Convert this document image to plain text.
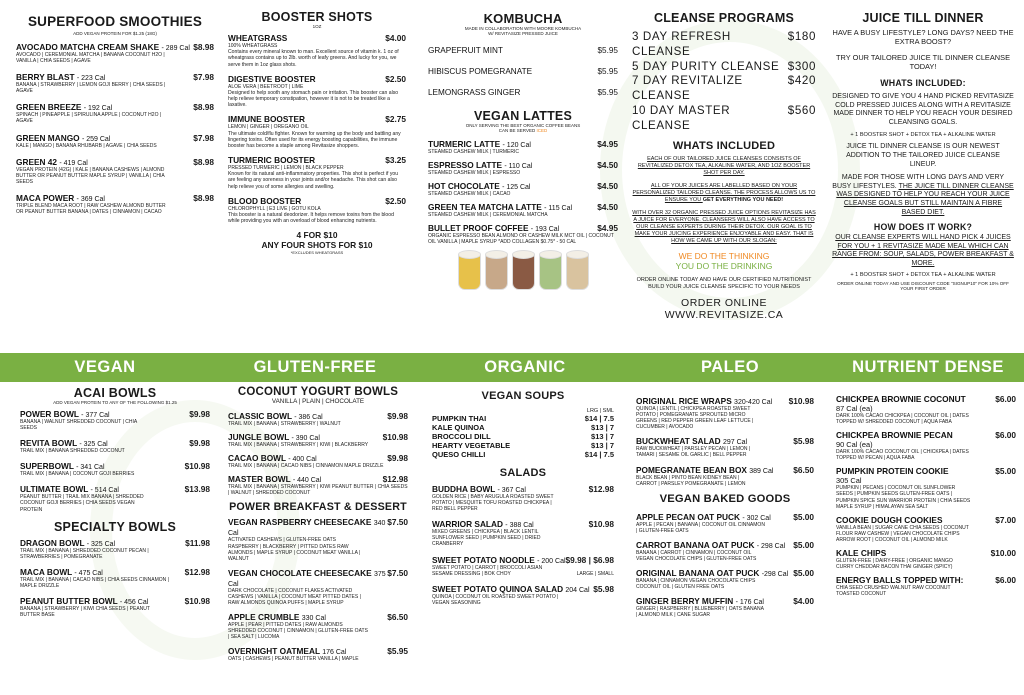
SUPERFOOD SMOOTHIES
ADD VEGAN PROTEIN FOR $1.25 (18G)
AVOCADO MATCHA CREAM SHAKE - 289 Cal $8.98
AVOCADO | CEREMONIAL MATCHA | BANANA COCONUT H2O | VANILLA | CHIA SEEDS | AGAVE
BERRY BLAST - 223 Cal	$7.98
BANANA | STRAWBERRY | LEMON GOJI BERRY | CHIA SEEDS | AGAVE
GREEN BREEZE - 192 Cal	$8.98
SPINACH | PINEAPPLE | SPIRULINA APPLE | COCONUT H2O | AGAVE
GREEN MANGO - 259 Cal	$7.98
KALE | MANGO | BANANA RHUBARB | AGAVE | CHIA SEEDS
GREEN 42 - 419 Cal	$8.98
VEGAN PROTEIN (42G) | KALE | BANANA CASHEWS | ALMOND BUTTER OR PEANUT BUTTER MAPLE SYRUP | VANILLA | CHIA SEEDS
MACA POWER - 369 Cal	$8.98
TRIPLE BLEND MACA ROOT | RAW CASHEW ALMOND BUTTER OR PEANUT BUTTER BANANA | DATES | CINNAMON | CACAO
BOOSTER SHOTS
1OZ
WHEATGRASS	$4.00
100% WHEATGRASS
Contains every mineral known to man. Excellent source of vitamin k. 1 oz of wheatgrass contains up to 2lb. worth of leafy greens. And lucky for you, we serve them in 1oz glass shots.
DIGESTIVE BOOSTER	$2.50
ALOE VERA | BEETROOT | LIME
Designed to help sooth any stomach pain or irritation. This booster can also help relieve temporary constipation, however it is not to be treated like a laxative.
IMMUNE BOOSTER	$2.75
LEMON | GINGER | OREGANO OIL
The ultimate cold/flu fighter. Known for warming up the body and battling any lingering toxins. Often used for its energy boosting capabilities, the immune booster has become a staple among Revitasize shoppers.
TURMERIC BOOSTER	$3.25
PRESSED TURMERIC | LEMON | BLACK PEPPER
Known for its natural anti-inflammatory properties. This shot is perfect if you are feeling any soreness in your joints and/or headache. This shot can also help relieve you of some allergies and swelling.
BLOOD BOOSTER	$2.50
CHLOROPHYLL | E3 LIVE | GOTU KOLA
This booster is a natural deodorizer. It helps remove toxins from the blood while providing you with an overload of blood enhancing nutrients.
4 FOR $10
ANY FOUR SHOTS FOR $10
*EXCLUDES WHEATGRASS
KOMBUCHA
MADE IN COLLABORATION WITH MOORE KOMBUCHA
W/ REVITASIZE PRESSED JUICE
GRAPEFRUIT MINT	$5.95
HIBISCUS POMEGRANATE	$5.95
LEMONGRASS GINGER	$5.95
VEGAN LATTES
ONLY SERVING THE BEST ORGANIC COFFEE BEANS
CAN BE SERVED ICED
TURMERIC LATTE - 120 Cal	$4.95
STEAMED CASHEW MILK | TURMERIC
ESPRESSO LATTE - 110 Cal	$4.50
STEAMED CASHEW MILK | ESPRESSO
HOT CHOCOLATE - 125 Cal	$4.50
STEAMED CASHEW MILK | CACAO
GREEN TEA MATCHA LATTE - 115 Cal	$4.50
STEAMED CASHEW MILK | CEREMONIAL MATCHA
BULLET PROOF COFFEE - 193 Cal	$4.95
ORGANIC ESPRESSO BEAN ALMOND OR CASHEW MILK MCT OIL | COCONUT OIL VANILLA | MAPLE SYRUP *ADD COLLAGEN $0.75* - 50 CAL
CLEANSE PROGRAMS
3 DAY REFRESH CLEANSE
$180
5 DAY PURITY CLEANSE $300
7 DAY REVITALIZE CLEANSE
$420
10 DAY MASTER CLEANSE
$560
WHATS INCLUDED
EACH OF OUR TAILORED JUICE CLEANSES CONSISTS OF REVITALIZED DETOX TEA, ALKALINE WATER, AND 1OZ BOOSTER SHOT PER DAY.
ALL OF YOUR JUICES ARE LABELLED BASED ON YOUR PERSONALIZED TAILORED CLEANSE. THE PROCESS ALLOWS US TO ENSURE YOU GET EVERYTHING YOU NEED!
WITH OVER 32 ORGANIC PRESSED JUICE OPTIONS REVITASIZE HAS A JUICE FOR EVERYONE. CLEANSERS WILL ALSO HAVE ACCESS TO OUR CLEANSE EXPERTS DURING THEIR DETOX. OUR GOAL IS TO MAKE YOUR JUICING EXPERIENCE ENJOYABLE AND EASY. THAT IS HOW WE CAME UP WITH OUR SLOGAN:
WE DO THE THINKING
YOU DO THE DRINKING
ORDER ONLINE TODAY AND HAVE OUR CERTIFIED NUTRITIONIST BUILD YOUR JUICE CLEANSE SPECIFIC TO YOUR NEEDS
ORDER ONLINE
WWW.REVITASIZE.CA
JUICE TILL DINNER
HAVE A BUSY LIFESTYLE? LONG DAYS? NEED THE EXTRA BOOST?
TRY OUR TAILORED JUICE TIL DINNER CLEANSE TODAY!
WHATS INCLUDED:
DESIGNED TO GIVE YOU 4 HAND PICKED REVITASIZE COLD PRESSED JUICES ALONG WITH A REVITASIZE MADE DINNER TO HELP YOU REACH YOUR DESIRED CLEANSING GOALS.
+ 1 BOOSTER SHOT + DETOX TEA + ALKALINE WATER
JUICE TIL DINNER CLEANSE IS OUR NEWEST ADDITION TO THE TAILORED JUICE CLEANSE LINEUP.
MADE FOR THOSE WITH LONG DAYS AND VERY BUSY LIFESTYLES. THE JUICE TILL DINNER CLEANSE WAS DESIGNED TO HELP YOU REACH YOUR JUICE CLEANSE GOALS BUT STILL MAINTAIN A FIBRE BASED DIET.
HOW DOES IT WORK?
OUR CLEANSE EXPERTS WILL HAND PICK 4 JUICES FOR YOU + 1 REVITASIZE MADE MEAL WHICH CAN RANGE FROM: SOUP, SALADS, POWER BREAKFAST & MORE.
+ 1 BOOSTER SHOT + DETOX TEA + ALKALINE WATER
ORDER ONLINE TODAY AND USE DISCOUNT CODE "SIGNUP10" FOR 10% OFF YOUR FIRST ORDER
VEGAN	GLUTEN-FREE	ORGANIC	PALEO	NUTRIENT DENSE
ACAI BOWLS
ADD VEGAN PROTEIN TO ANY OF THE FOLLOWING $1.25
POWER BOWL - 377 Cal	$9.98
BANANA | WALNUT SHREDDED COCONUT | CHIA SEEDS
REVITA BOWL - 325 Cal	$9.98
TRAIL MIX | BANANA SHREDDED COCONUT
SUPERBOWL - 341 Cal	$10.98
TRAIL MIX | BANANA | COCONUT GOJI BERRIES
ULTIMATE BOWL - 514 Cal	$13.98
PEANUT BUTTER | TRAIL MIX BANANA | SHREDDED COCONUT GOJI BERRIES | CHIA SEEDS VEGAN PROTEIN
SPECIALTY BOWLS
DRAGON BOWL - 325 Cal	$11.98
TRAIL MIX | BANANA | SHREDDED COCONUT PECAN | STRAWBERRIES | POMEGRANATE
MACA BOWL - 475 Cal	$12.98
TRAIL MIX | BANANA | CACAO NIBS | CHIA SEEDS CINNAMON | MAPLE DRIZZLE
PEANUT BUTTER BOWL - 456 Cal	$10.98
BANANA | STRAWBERRY | KIWI CHIA SEEDS | PEANUT BUTTER BASE
COCONUT YOGURT BOWLS
VANILLA | PLAIN | CHOCOLATE
CLASSIC BOWL - 386 Cal	$9.98
TRAIL MIX | BANANA | STRAWBERRY | WALNUT
JUNGLE BOWL - 390 Cal	$10.98
TRAIL MIX | BANANA | STRAWBERRY | KIWI | BLACKBERRY
CACAO BOWL - 400 Cal	$9.98
TRAIL MIX | BANANA | CACAO NIBS | CINNAMON MAPLE DRIZZLE
MASTER BOWL - 440 Cal	$12.98
TRAIL MIX | BANANA | STRAWBERRY | KIWI PEANUT BUTTER | CHIA SEEDS | WALNUT | SHREDDED COCONUT
POWER BREAKFAST & DESSERT
VEGAN RASPBERRY CHEESECAKE 340 Cal
$7.50
ACTIVATED CASHEWS | GLUTEN-FREE OATS RASPBERRY | BLACKBERRY | PITTED DATES RAW ALMONDS | MAPLE SYRUP | COCONUT MEAT VANILLA | WALNUT
VEGAN CHOCOLATE CHEESECAKE 375 Cal
$7.50
DARK CHOCOLATE | COCONUT FLAKES ACTIVATED CASHEWS | VANILLA | COCONUT MEAT PITTED DATES | RAW ALMONDS QUINOA PUFFS | MAPLE SYRUP
APPLE CRUMBLE 330 Cal	$6.50
APPLE | PEAR | PITTED DATES | RAW ALMONDS SHREDDED COCONUT | CINNAMON | GLUTEN-FREE OATS | SEA SALT | LUCOMA
OVERNIGHT OATMEAL 176 Cal	$5.95
OATS | CASHEWS | PEANUT BUTTER VANILLA | MAPLE
VEGAN SOUPS
LRG | SML
PUMPKIN THAI	$14 | 7.5
KALE QUINOA	$13 | 7
BROCCOLI DILL	$13 | 7
HEARTY VEGETABLE	$13 | 7
QUESO CHILLI	$14 | 7.5
SALADS
BUDDHA BOWL - 367 Cal	$12.98
GOLDEN RICE | BABY ARUGULA ROASTED SWEET POTATO | MESQUITE TOFU ROASTED CHICKPEA | RED BELL PEPPER
WARRIOR SALAD - 388 Cal	$10.98
MIXED GREENS | CHICKPEA | BLACK LENTIL SUNFLOWER SEED | PUMPKIN SEED | DRIED CRANBERRY
SWEET POTATO NOODLE - 200 Cal $9.98 | $6.98
SWEET POTATO | CARROT | BROCCOLI ASIAN SESAME DRESSING | BOK CHOY	LARGE | SMALL
SWEET POTATO QUINOA SALAD 204 Cal $5.98
QUINOA | COCONUT OIL ROASTED SWEET POTATO | VEGAN SEASONING
ORIGINAL RICE WRAPS 320-420 Cal $10.98
QUINOA | LENTIL | CHICKPEA ROASTED SWEET POTATO | POMEGRANATE SPROUTED MICRO GREENS | RED PEPPER GREEN LEAF LETTUCE | CUCUMBER | AVOCADO
BUCKWHEAT SALAD 297 Cal	$5.98
RAW BUCKWHEAT | PARSLEY PECAN | LEMON | TAMARI | SESAME OIL GARLIC | BELL PEPPER
POMEGRANATE BEAN BOX 389 Cal $6.50
BLACK BEAN | PINTO BEAN KIDNEY BEAN | CARROT | PARSLEY POMEGRANATE | LEMON
VEGAN BAKED GOODS
APPLE PECAN OAT PUCK - 302 Cal	$5.00
APPLE | PECAN | BANANA | COCONUT OIL CINNAMON | GLUTEN-FREE OATS
CARROT BANANA OAT PUCK - 298 Cal $5.00
BANANA | CARROT | CINNAMON | COCONUT OIL VEGAN CHOCOLATE CHIPS | GLUTEN-FREE OATS
ORIGINAL BANANA OAT PUCK -298 Cal $5.00
BANANA | CINNAMON VEGAN CHOCOLATE CHIPS COCONUT OIL | GLUTEN FREE OATS
GINGER BERRY MUFFIN - 176 Cal	$4.00
GINGER | RASPBERRY | BLUEBERRY | OATS BANANA | ALMOND MILK | CANE SUGAR
CHICKPEA BROWNIE COCONUT
87 Cal (ea)
$6.00
DARK 100% CACAO CHICKPEA | COCONUT OIL | DATES TOPPED W/ SHREDDED COCONUT | AQUA FABA
CHICKPEA BROWNIE PECAN
90 Cal (ea)
$6.00
DARK 100% CACAO COCONUT OIL | CHICKPEA | DATES TOPPED W/ PECAN | AQUA FABA
PUMPKIN PROTEIN COOKIE
305 Cal
$5.00
PUMPKIN | PECANS | COCONUT OIL SUNFLOWER SEEDS | PUMPKIN SEEDS GLUTEN-FREE OATS | PUMPKIN SPICE SUN WARRIOR PROTEIN | CHIA SEEDS MAPLE SYRUP | HIMALAYAN SEA SALT
COOKIE DOUGH COOKIES	$7.00
VANILLA BEAN | SUGAR CANE CHIA SEEDS | COCONUT FLOUR RAW CASHEW | VEGAN CHOCOLATE CHIPS ARROW ROOT | COCONUT OIL | ALMOND MILK
KALE CHIPS	$10.00
GLUTEN-FREE | DAIRY-FREE | ORGANIC MANGO CURRY CHEDDAR BACON THAI GINGER (SPICY)
ENERGY BALLS TOPPED WITH:	$6.00
CHIA SEED CRUSHED WALNUT RAW COCONUT TOASTED COCONUT
